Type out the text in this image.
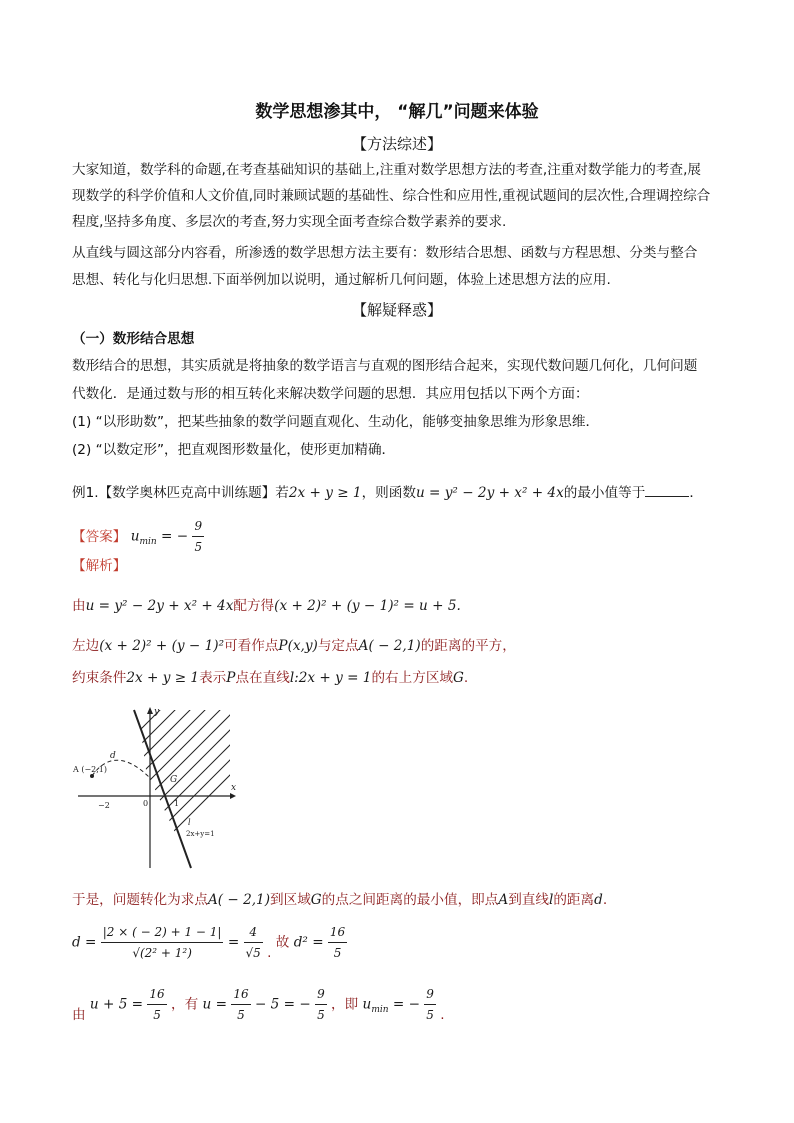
数学思想渗其中， “解几”问题来体验
【方法综述】
大家知道，数学科的命题,在考查基础知识的基础上,注重对数学思想方法的考查,注重对数学能力的考查,展
现数学的科学价值和人文价值,同时兼顾试题的基础性、综合性和应用性,重视试题间的层次性,合理调控综合
程度,坚持多角度、多层次的考查,努力实现全面考查综合数学素养的要求.
从直线与圆这部分内容看，所渗透的数学思想方法主要有：数形结合思想、函数与方程思想、分类与整合
思想、转化与化归思想.下面举例加以说明，通过解析几何问题，体验上述思想方法的应用.
【解疑释惑】
（一）数形结合思想
数形结合的思想，其实质就是将抽象的数学语言与直观的图形结合起来，实现代数问题几何化，几何问题
代数化．是通过数与形的相互转化来解决数学问题的思想．其应用包括以下两个方面：
(1) “以形助数”，把某些抽象的数学问题直观化、生动化，能够变抽象思维为形象思维．
(2) “以数定形”，把直观图形数量化，使形更加精确．
例1.【数学奥林匹克高中训练题】若2x + y ≥ 1，则函数u = y² − 2y + x² + 4x的最小值等于	．
【答案】 $u_{min}$ = − $\frac{9}{5}$
【解析】
由u = y² − 2y + x² + 4x配方得(x + 2)² + (y − 1)² = u + 5.
左边(x + 2)² + (y − 1)²可看作点P(x,y)与定点A( − 2,1)的距离的平方，
约束条件2x + y ≥ 1表示P点在直线l:2x + y = 1的右上方区域G.
A (−2,1)
d
G
y
x
−2	0	1
l
2x+y=1
于是，问题转化为求点A( − 2,1)到区域G的点之间距离的最小值，即点A到直线l的距离d.
$d = \frac{|2 \times ( - 2) + 1 - 1|}{\text{√(2² + 1²)}} = \frac{4}{√5}$ . 故 $d^2 = \frac{16}{5}$
由 $u + 5 = \frac{16}{5}$ ，有 $u = \frac{16}{5} - 5$ = − $\frac{9}{5}$ ，即 $u_{min}$ = − $\frac{9}{5}$ .
